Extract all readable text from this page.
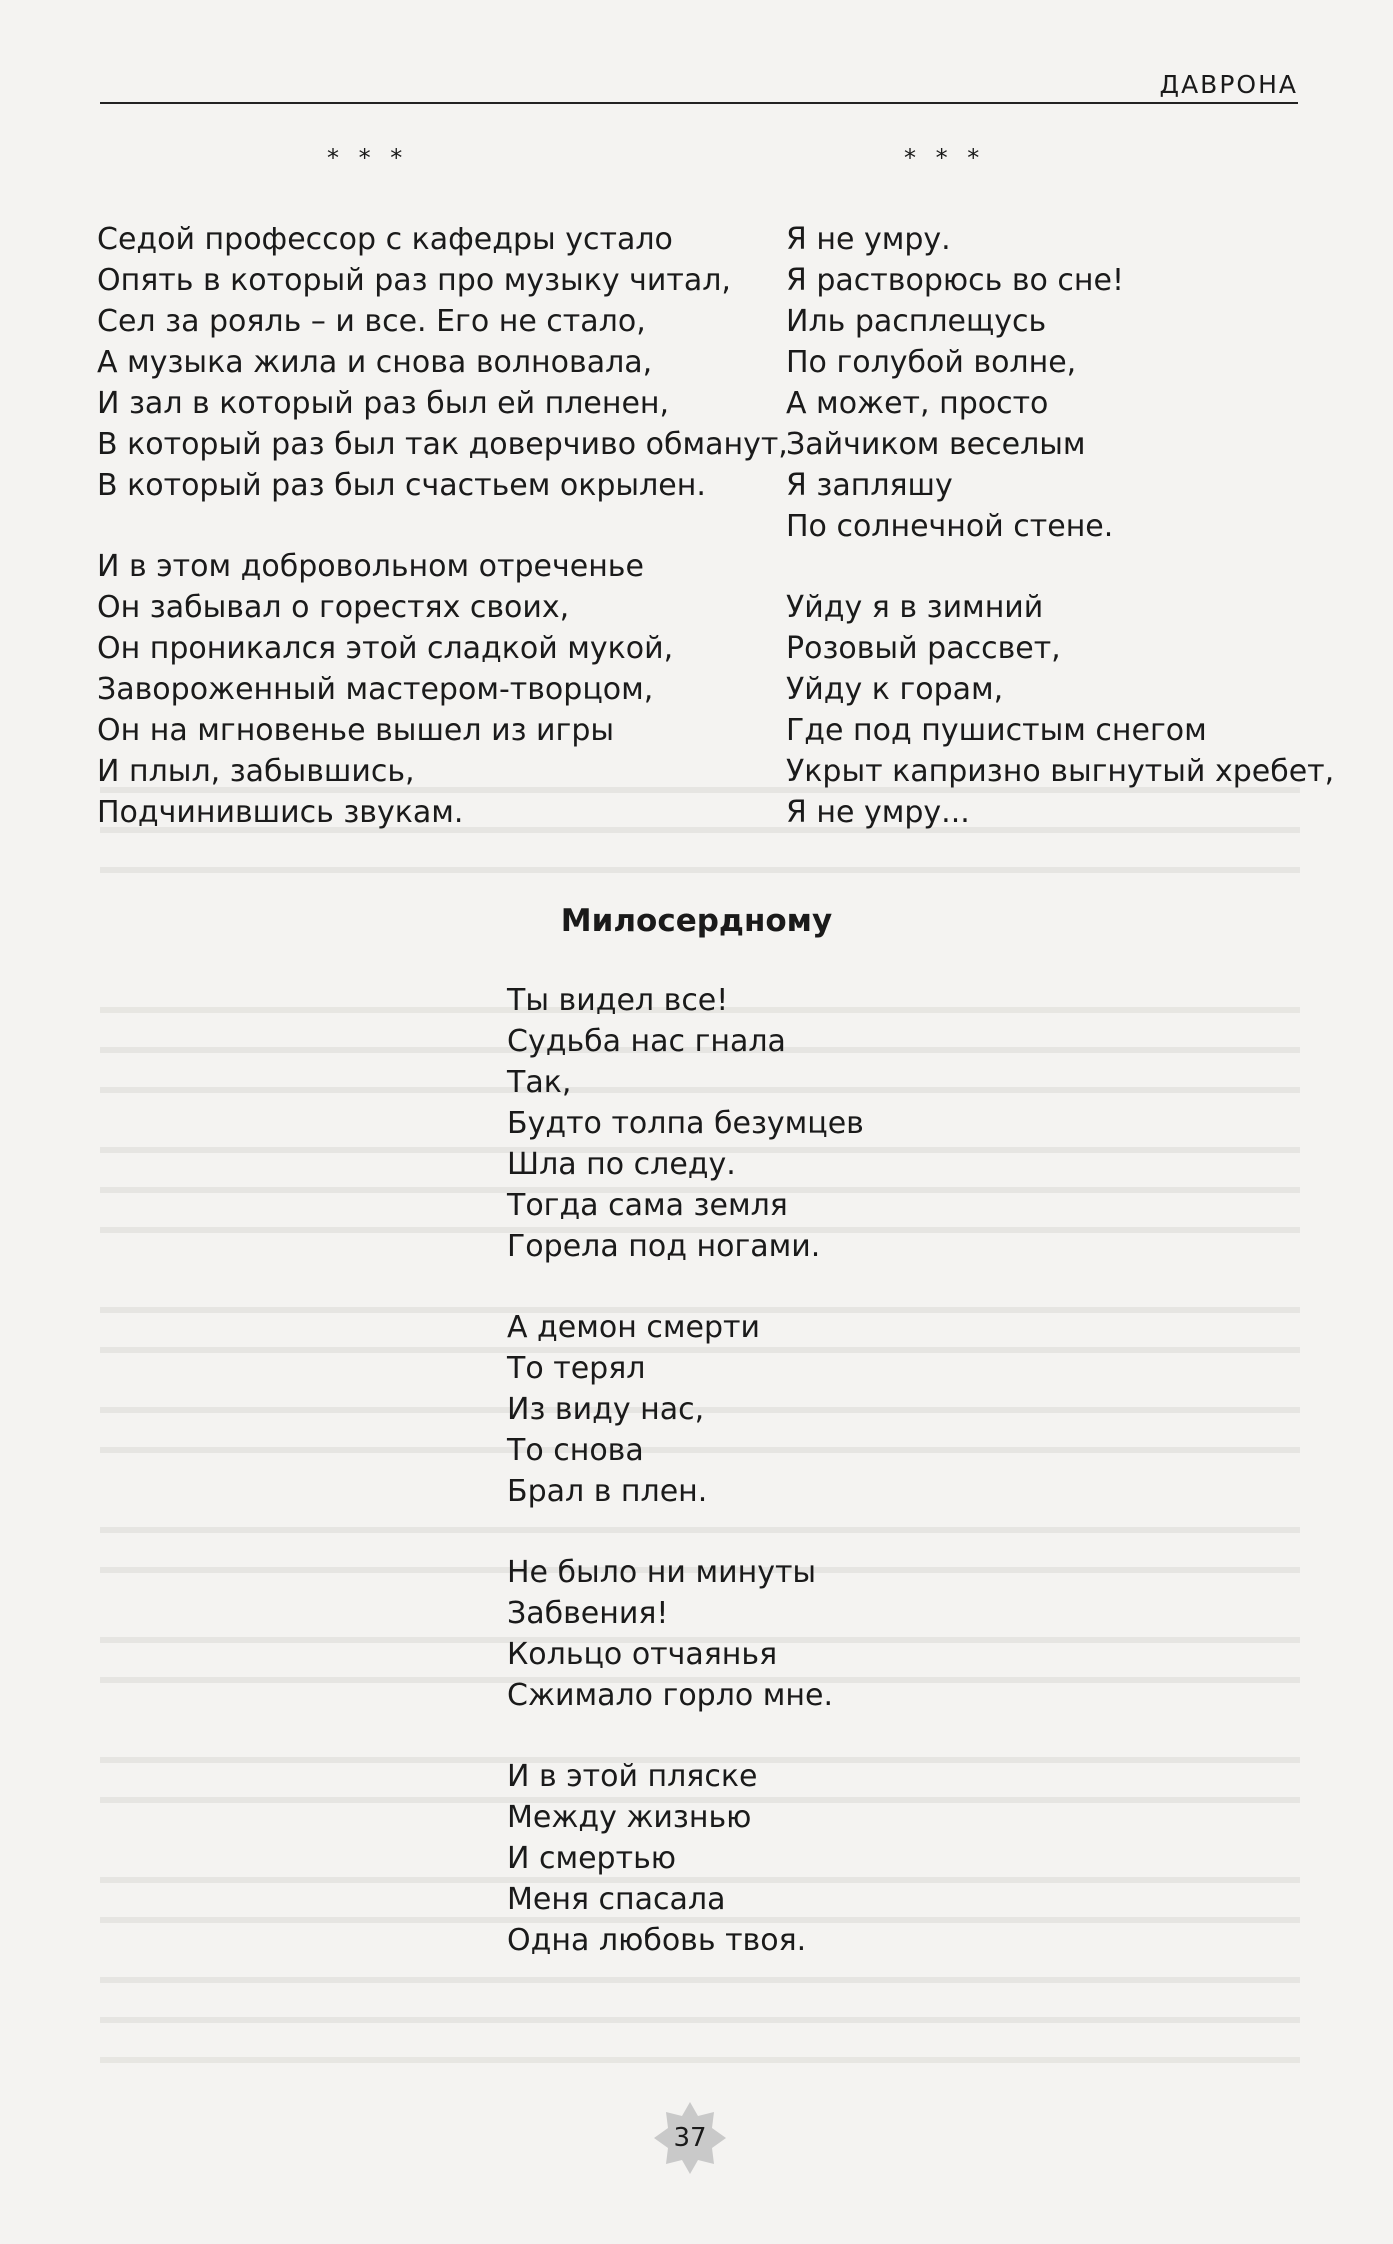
ДАВРОНА
* * *
Седой профессор с кафедры устало
Опять в который раз про музыку читал,
Сел за рояль – и все. Его не стало,
А музыка жила и снова волновала,
И зал в который раз был ей пленен,
В который раз был так доверчиво обманут,
В который раз был счастьем окрылен.
И в этом добровольном отреченье
Он забывал о горестях своих,
Он проникался этой сладкой мукой,
Завороженный мастером-творцом,
Он на мгновенье вышел из игры
И плыл, забывшись,
Подчинившись звукам.
* * *
Я не умру.
Я растворюсь во сне!
Иль расплещусь
По голубой волне,
А может, просто
Зайчиком веселым
Я запляшу
По солнечной стене.
Уйду я в зимний
Розовый рассвет,
Уйду к горам,
Где под пушистым снегом
Укрыт капризно выгнутый хребет,
Я не умру...
Милосердному
Ты видел все!
Судьба нас гнала
Так,
Будто толпа безумцев
Шла по следу.
Тогда сама земля
Горела под ногами.
А демон смерти
То терял
Из виду нас,
То снова
Брал в плен.
Не было ни минуты
Забвения!
Кольцо отчаянья
Сжимало горло мне.
И в этой пляске
Между жизнью
И смертью
Меня спасала
Одна любовь твоя.
37
